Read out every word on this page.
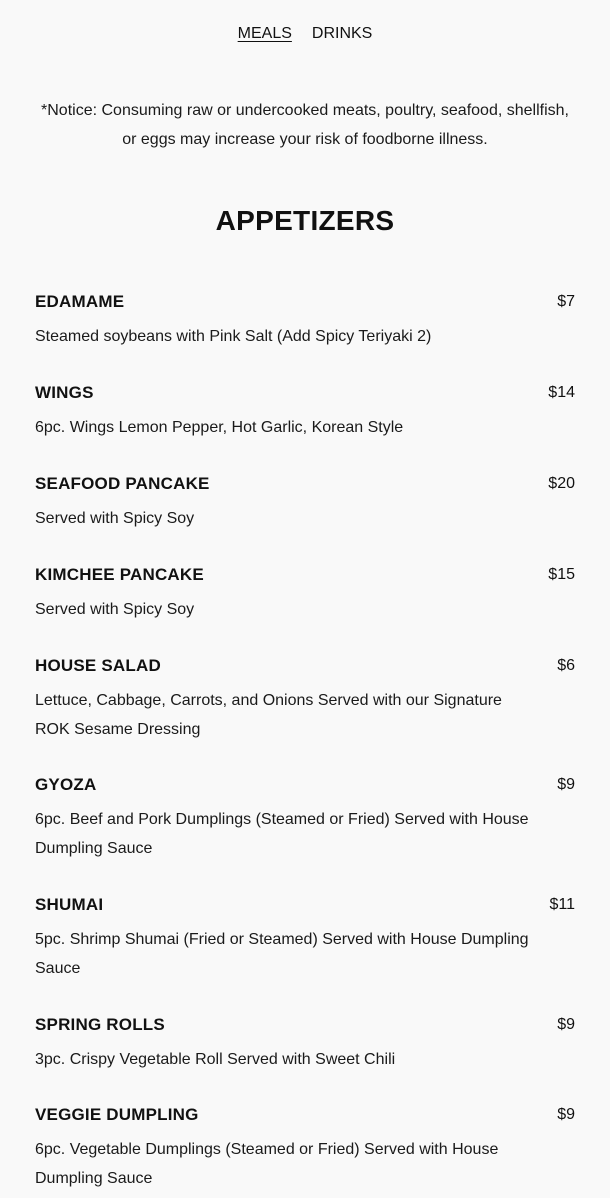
MEALS DRINKS

*Notice: Consuming raw or undercooked meats, poultry, seafood, shellfish, or eggs may increase your risk of foodborne illness.

APPETIZERS
EDAMAME	$7

Steamed soybeans with Pink Salt (Add Spicy Teriyaki 2)

WINGS	$14

6pc. Wings Lemon Pepper, Hot Garlic, Korean Style

SEAFOOD PANCAKE	$20

Served with Spicy Soy

KIMCHEE PANCAKE	$15

Served with Spicy Soy

HOUSE SALAD	$6

Lettuce, Cabbage, Carrots, and Onions Served with our Signature ROK Sesame Dressing

GYOZA	$9

6pc. Beef and Pork Dumplings (Steamed or Fried) Served with House Dumpling Sauce

SHUMAI	$11

5pc. Shrimp Shumai (Fried or Steamed) Served with House Dumpling Sauce

SPRING ROLLS	$9

3pc. Crispy Vegetable Roll Served with Sweet Chili

VEGGIE DUMPLING	$9

6pc. Vegetable Dumplings (Steamed or Fried) Served with House Dumpling Sauce
